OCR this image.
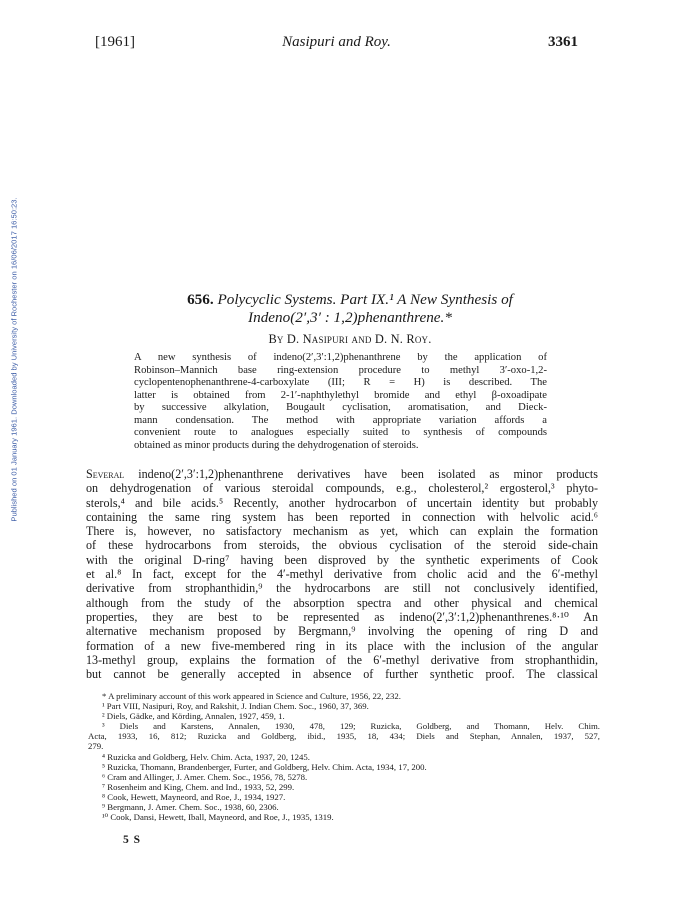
Published on 01 January 1961. Downloaded by University of Rochester on 16/06/2017 16:50:23.
[1961]	Nasipuri and Roy.	3361
656. Polycyclic Systems. Part IX.¹ A New Synthesis of
Indeno(2′,3′ : 1,2)phenanthrene.*
By D. Nasipuri and D. N. Roy.
A new synthesis of indeno(2′,3′:1,2)phenanthrene by the application of
Robinson–Mannich base ring-extension procedure to methyl 3′-oxo-1,2-
cyclopentenophenanthrene-4-carboxylate (III; R = H) is described. The
latter is obtained from 2-1′-naphthylethyl bromide and ethyl β-oxoadipate
by successive alkylation, Bougault cyclisation, aromatisation, and Dieck-
mann condensation. The method with appropriate variation affords a
convenient route to analogues especially suited to synthesis of compounds
obtained as minor products during the dehydrogenation of steroids.
Several indeno(2′,3′:1,2)phenanthrene derivatives have been isolated as minor products
on dehydrogenation of various steroidal compounds, e.g., cholesterol,² ergosterol,³ phyto-
sterols,⁴ and bile acids.⁵ Recently, another hydrocarbon of uncertain identity but probably
containing the same ring system has been reported in connection with helvolic acid.⁶
There is, however, no satisfactory mechanism as yet, which can explain the formation
of these hydrocarbons from steroids, the obvious cyclisation of the steroid side-chain
with the original D-ring⁷ having been disproved by the synthetic experiments of Cook
et al.⁸ In fact, except for the 4′-methyl derivative from cholic acid and the 6′-methyl
derivative from strophanthidin,⁹ the hydrocarbons are still not conclusively identified,
although from the study of the absorption spectra and other physical and chemical
properties, they are best to be represented as indeno(2′,3′:1,2)phenanthrenes.⁸·¹⁰ An
alternative mechanism proposed by Bergmann,⁹ involving the opening of ring D and
formation of a new five-membered ring in its place with the inclusion of the angular
13-methyl group, explains the formation of the 6′-methyl derivative from strophanthidin,
but cannot be generally accepted in absence of further synthetic proof. The classical
* A preliminary account of this work appeared in Science and Culture, 1956, 22, 232.
¹ Part VIII, Nasipuri, Roy, and Rakshit, J. Indian Chem. Soc., 1960, 37, 369.
² Diels, Gädke, and Körding, Annalen, 1927, 459, 1.
³ Diels and Karstens, Annalen, 1930, 478, 129; Ruzicka, Goldberg, and Thomann, Helv. Chim.
Acta, 1933, 16, 812; Ruzicka and Goldberg, ibid., 1935, 18, 434; Diels and Stephan, Annalen, 1937, 527,
279.
⁴ Ruzicka and Goldberg, Helv. Chim. Acta, 1937, 20, 1245.
⁵ Ruzicka, Thomann, Brandenberger, Furter, and Goldberg, Helv. Chim. Acta, 1934, 17, 200.
⁶ Cram and Allinger, J. Amer. Chem. Soc., 1956, 78, 5278.
⁷ Rosenheim and King, Chem. and Ind., 1933, 52, 299.
⁸ Cook, Hewett, Mayneord, and Roe, J., 1934, 1927.
⁹ Bergmann, J. Amer. Chem. Soc., 1938, 60, 2306.
¹⁰ Cook, Dansi, Hewett, Iball, Mayneord, and Roe, J., 1935, 1319.
5 S
